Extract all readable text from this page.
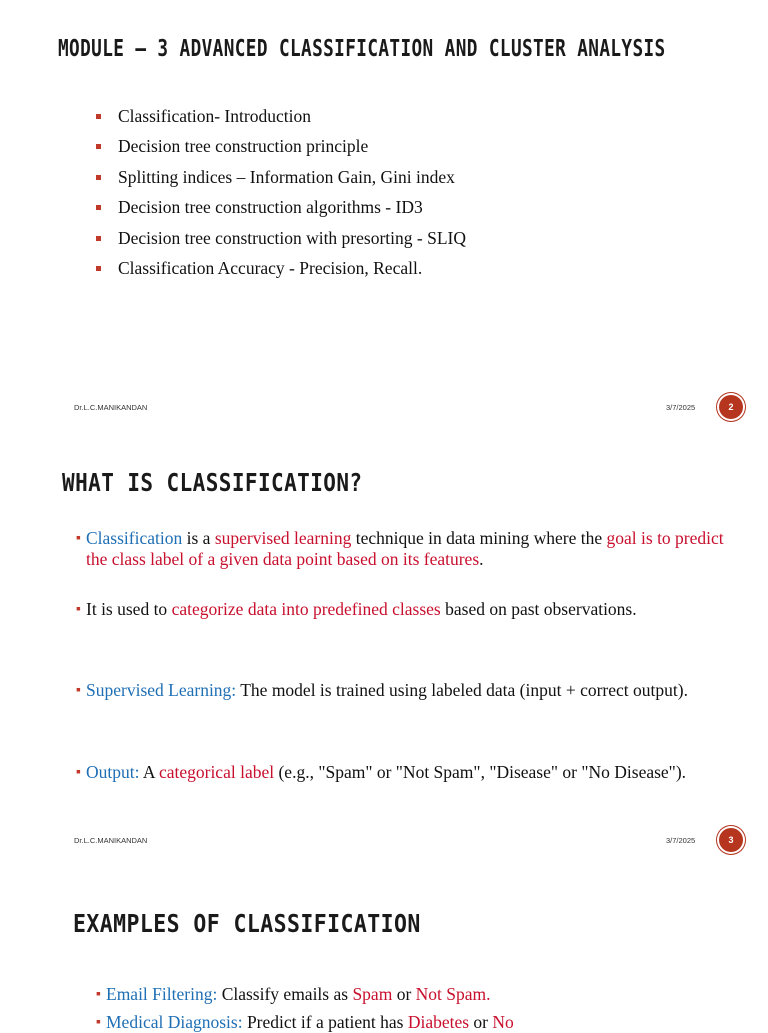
MODULE – 3 ADVANCED CLASSIFICATION AND CLUSTER ANALYSIS
Classification- Introduction
Decision tree construction principle
Splitting indices – Information Gain, Gini index
Decision tree construction algorithms - ID3
Decision tree construction with presorting - SLIQ
Classification Accuracy - Precision, Recall.
Dr.L.C.MANIKANDAN	3/7/2025	2
WHAT IS CLASSIFICATION?

▪ Classification is a supervised learning technique in data mining where the goal is to predict the class label of a given data point based on its features.

▪ It is used to categorize data into predefined classes based on past observations.

▪ Supervised Learning: The model is trained using labeled data (input + correct output).

▪ Output: A categorical label (e.g., "Spam" or "Not Spam", "Disease" or "No Disease").

Dr.L.C.MANIKANDAN	3/7/2025	3
EXAMPLES OF CLASSIFICATION

▪ Email Filtering: Classify emails as Spam or Not Spam.

▪ Medical Diagnosis: Predict if a patient has Diabetes or No
